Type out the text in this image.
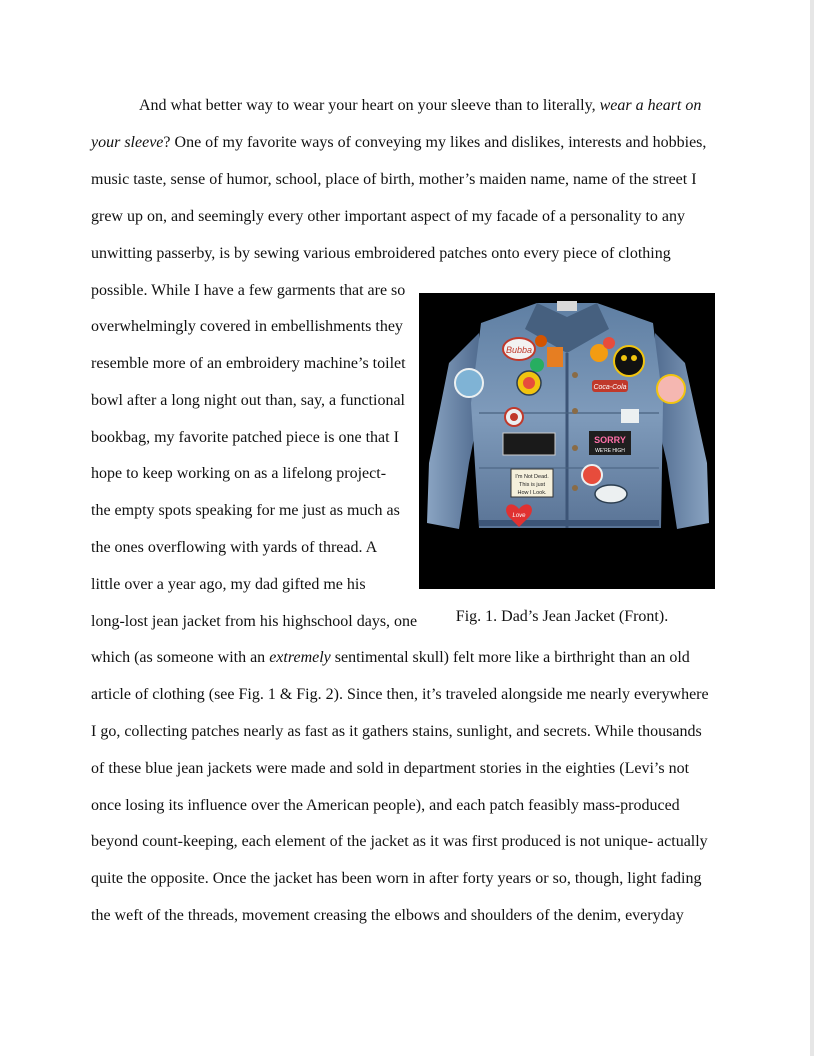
And what better way to wear your heart on your sleeve than to literally, wear a heart on
your sleeve? One of my favorite ways of conveying my likes and dislikes, interests and hobbies,
music taste, sense of humor, school, place of birth, mother’s maiden name, name of the street I
grew up on, and seemingly every other important aspect of my facade of a personality to any
unwitting passerby, is by sewing various embroidered patches onto every piece of clothing
possible. While I have a few garments that are so
overwhelmingly covered in embellishments they
resemble more of an embroidery machine’s toilet
bowl after a long night out than, say, a functional
bookbag, my favorite patched piece is one that I
hope to keep working on as a lifelong project-
the empty spots speaking for me just as much as
the ones overflowing with yards of thread. A
little over a year ago, my dad gifted me his
long-lost jean jacket from his highschool days, one
which (as someone with an extremely sentimental skull) felt more like a birthright than an old
article of clothing (see Fig. 1 & Fig. 2). Since then, it’s traveled alongside me nearly everywhere
I go, collecting patches nearly as fast as it gathers stains, sunlight, and secrets. While thousands
of these blue jean jackets were made and sold in department stories in the eighties (Levi’s not
once losing its influence over the American people), and each patch feasibly mass-produced
beyond count-keeping, each element of the jacket as it was first produced is not unique- actually
quite the opposite. Once the jacket has been worn in after forty years or so, though, light fading
the weft of the threads, movement creasing the elbows and shoulders of the denim, everyday
Bubba
Coca-Cola
SORRY
WE'RE HIGH
I'm Not Dead.
This is just
How I Look.
Love
Fig. 1. Dad’s Jean Jacket (Front).
